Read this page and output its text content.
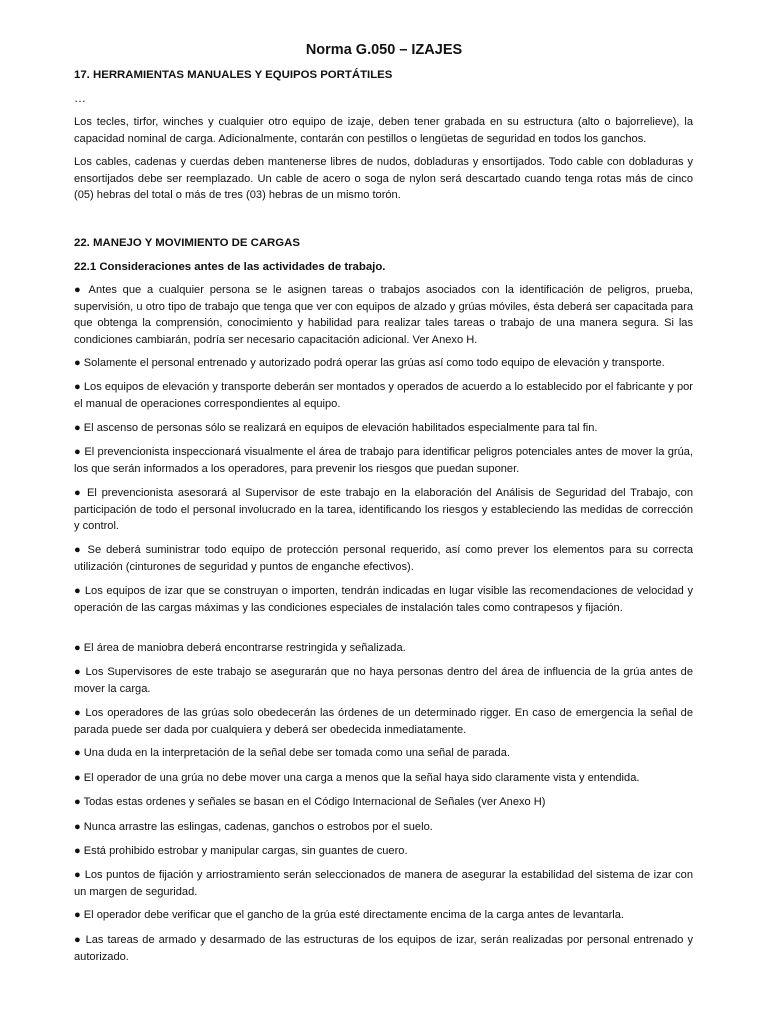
Norma G.050 – IZAJES
17. HERRAMIENTAS MANUALES Y EQUIPOS PORTÁTILES
…

Los tecles, tirfor, winches y cualquier otro equipo de izaje, deben tener grabada en su estructura (alto o bajorrelieve), la capacidad nominal de carga. Adicionalmente, contarán con pestillos o lengüetas de seguridad en todos los ganchos.

Los cables, cadenas y cuerdas deben mantenerse libres de nudos, dobladuras y ensortijados. Todo cable con dobladuras y ensortijados debe ser reemplazado. Un cable de acero o soga de nylon será descartado cuando tenga rotas más de cinco (05) hebras del total o más de tres (03) hebras de un mismo torón.

22. MANEJO Y MOVIMIENTO DE CARGAS
22.1 Consideraciones antes de las actividades de trabajo.
● Antes que a cualquier persona se le asignen tareas o trabajos asociados con la identificación de peligros, prueba, supervisión, u otro tipo de trabajo que tenga que ver con equipos de alzado y grúas móviles, ésta deberá ser capacitada para que obtenga la comprensión, conocimiento y habilidad para realizar tales tareas o trabajo de una manera segura. Si las condiciones cambiarán, podría ser necesario capacitación adicional. Ver Anexo H.
● Solamente el personal entrenado y autorizado podrá operar las grúas así como todo equipo de elevación y transporte.
● Los equipos de elevación y transporte deberán ser montados y operados de acuerdo a lo establecido por el fabricante y por el manual de operaciones correspondientes al equipo.
● El ascenso de personas sólo se realizará en equipos de elevación habilitados especialmente para tal fin.
● El prevencionista inspeccionará visualmente el área de trabajo para identificar peligros potenciales antes de mover la grúa, los que serán informados a los operadores, para prevenir los riesgos que puedan suponer.
● El prevencionista asesorará al Supervisor de este trabajo en la elaboración del Análisis de Seguridad del Trabajo, con participación de todo el personal involucrado en la tarea, identificando los riesgos y estableciendo las medidas de corrección y control.
● Se deberá suministrar todo equipo de protección personal requerido, así como prever los elementos para su correcta utilización (cinturones de seguridad y puntos de enganche efectivos).
● Los equipos de izar que se construyan o importen, tendrán indicadas en lugar visible las recomendaciones de velocidad y operación de las cargas máximas y las condiciones especiales de instalación tales como contrapesos y fijación.
● El área de maniobra deberá encontrarse restringida y señalizada.
● Los Supervisores de este trabajo se asegurarán que no haya personas dentro del área de influencia de la grúa antes de mover la carga.
● Los operadores de las grúas solo obedecerán las órdenes de un determinado rigger. En caso de emergencia la señal de parada puede ser dada por cualquiera y deberá ser obedecida inmediatamente.
● Una duda en la interpretación de la señal debe ser tomada como una señal de parada.
● El operador de una grúa no debe mover una carga a menos que la señal haya sido claramente vista y entendida.
● Todas estas ordenes y señales se basan en el Código Internacional de Señales (ver Anexo H)
● Nunca arrastre las eslingas, cadenas, ganchos o estrobos por el suelo.
● Está prohibido estrobar y manipular cargas, sin guantes de cuero.
● Los puntos de fijación y arriostramiento serán seleccionados de manera de asegurar la estabilidad del sistema de izar con un margen de seguridad.
● El operador debe verificar que el gancho de la grúa esté directamente encima de la carga antes de levantarla.
● Las tareas de armado y desarmado de las estructuras de los equipos de izar, serán realizadas por personal entrenado y autorizado.
